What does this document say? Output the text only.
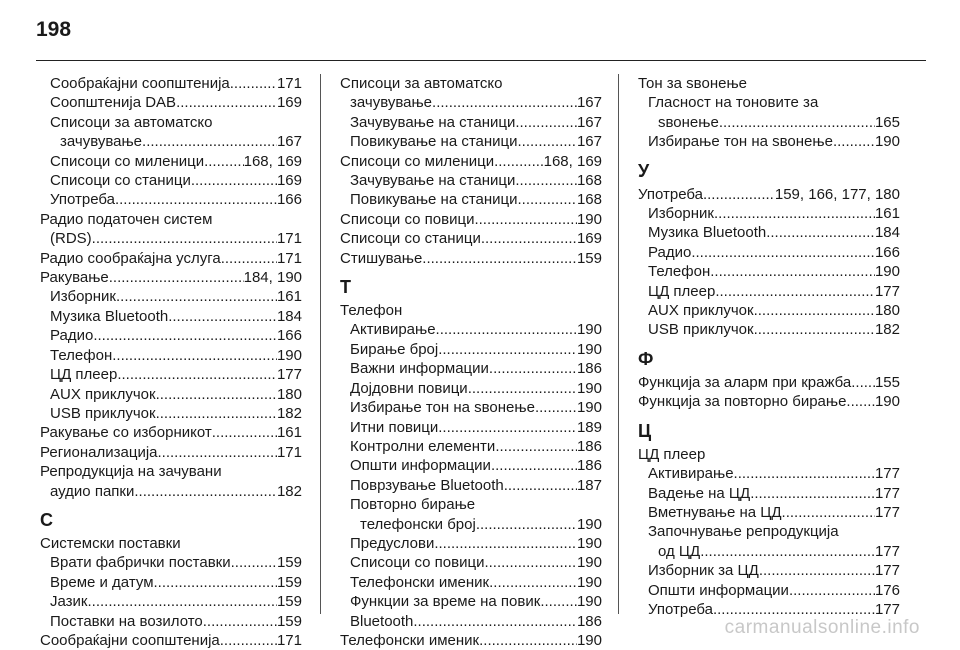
198
Соoбраќајни соопштенија .....	171
Соопштенија DAB .....	169
Списоци за автоматско
зачувување .....	167
Списоци со миленици .....	168, 169
Списоци со станици .....	169
Употреба .....	166
Радио податочен систем
(RDS) .....	171
Радио сообраќајна услуга .....	171
Ракување .....	184, 190
Изборник .....	161
Музика Bluetooth .....	184
Радио .....	166
Телефон .....	190
ЦД плеер .....	177
AUX приклучок .....	180
USB приклучок .....	182
Ракување со изборникот .....	161
Регионализација .....	171
Репродукција на зачувани
аудио папки .....	182
С
Системски поставки
Врати фабрички поставки .....	159
Време и датум .....	159
Јазик .....	159
Поставки на возилото .....	159
Сообраќајни соопштенија .....	171
Списоци за автоматско
зачувување .....	167
Зачувување на станици .....	167
Повикување на станици .....	167
Списоци со миленици .....	168, 169
Зачувување на станици .....	168
Повикување на станици .....	168
Списоци со повици .....	190
Списоци со станици .....	169
Стишување .....	159
Т
Телефон
Активирање .....	190
Бирање број .....	190
Важни информации .....	186
Дојдовни повици .....	190
Избирање тон на ѕвонење .....	190
Итни повици .....	189
Контролни елементи .....	186
Општи информации .....	186
Поврзување Bluetooth .....	187
Повторно бирање
телефонски број .....	190
Предуслови .....	190
Списоци со повици .....	190
Телефонски именик .....	190
Функции за време на повик ..... 190
Bluetooth .....	186
Телефонски именик .....	190
Тон за ѕвонење
Гласност на тоновите за
ѕвонење .....	165
Избирање тон на ѕвонење .....	190
У
Употреба .....	159, 166, 177, 180
Изборник .....	161
Музика Bluetooth .....	184
Радио .....	166
Телефон .....	190
ЦД плеер .....	177
AUX приклучок .....	180
USB приклучок .....	182
Ф
Функција за аларм при кражба ..... 155
Функција за повторно бирање ..... 190
Ц
ЦД плеер
Активирање .....	177
Вадење на ЦД .....	177
Вметнување на ЦД .....	177
Започнување репродукција
од ЦД .....	177
Изборник за ЦД .....	177
Општи информации .....	176
Употреба .....	177
carmanualsonline.info
